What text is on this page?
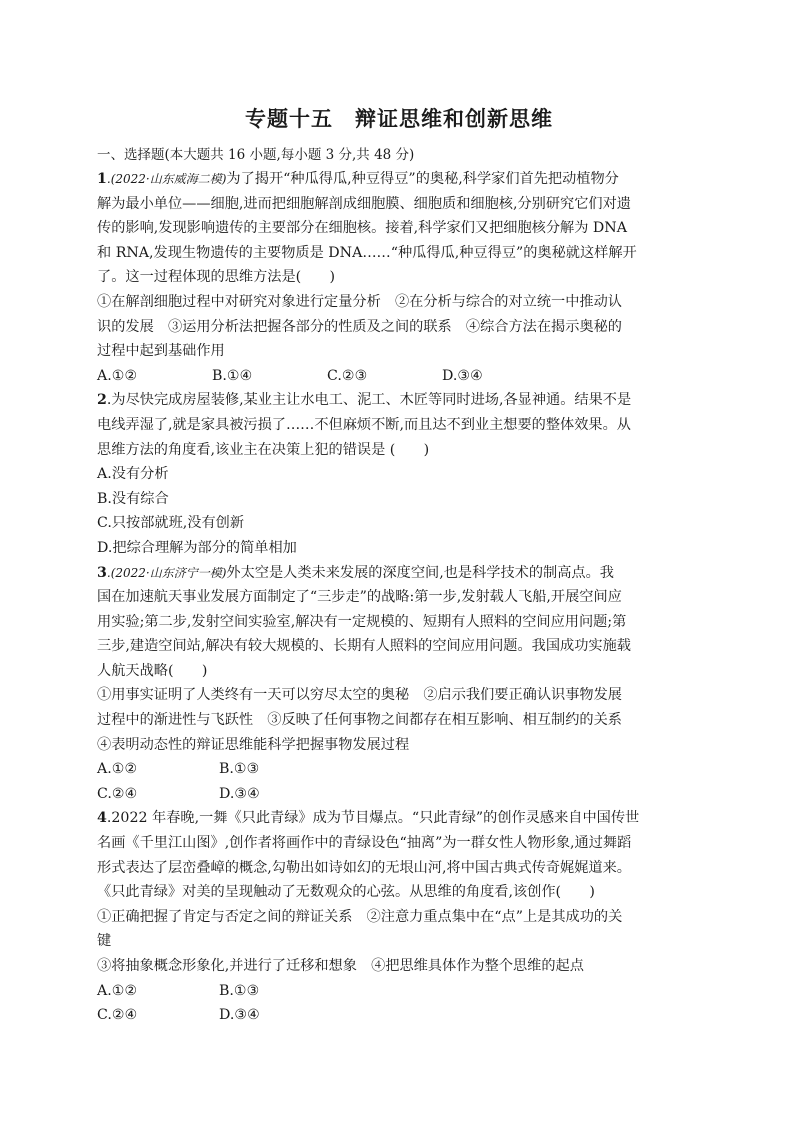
专题十五　辩证思维和创新思维
一、选择题(本大题共 16 小题,每小题 3 分,共 48 分)
1.(2022·山东威海二模)为了揭开“种瓜得瓜,种豆得豆”的奥秘,科学家们首先把动植物分
解为最小单位——细胞,进而把细胞解剖成细胞膜、细胞质和细胞核,分别研究它们对遗
传的影响,发现影响遗传的主要部分在细胞核。接着,科学家们又把细胞核分解为 DNA
和 RNA,发现生物遗传的主要物质是 DNA……“种瓜得瓜,种豆得豆”的奥秘就这样解开
了。这一过程体现的思维方法是(　　)
①在解剖细胞过程中对研究对象进行定量分析　②在分析与综合的对立统一中推动认
识的发展　③运用分析法把握各部分的性质及之间的联系　④综合方法在揭示奥秘的
过程中起到基础作用
A.①②	B.①④	C.②③	D.③④
2.为尽快完成房屋装修,某业主让水电工、泥工、木匠等同时进场,各显神通。结果不是
电线弄湿了,就是家具被污损了……不但麻烦不断,而且达不到业主想要的整体效果。从
思维方法的角度看,该业主在决策上犯的错误是 (　　)
A.没有分析
B.没有综合
C.只按部就班,没有创新
D.把综合理解为部分的简单相加
3.(2022·山东济宁一模)外太空是人类未来发展的深度空间,也是科学技术的制高点。我
国在加速航天事业发展方面制定了“三步走”的战略:第一步,发射载人飞船,开展空间应
用实验;第二步,发射空间实验室,解决有一定规模的、短期有人照料的空间应用问题;第
三步,建造空间站,解决有较大规模的、长期有人照料的空间应用问题。我国成功实施载
人航天战略(　　)
①用事实证明了人类终有一天可以穷尽太空的奥秘　②启示我们要正确认识事物发展
过程中的渐进性与飞跃性　③反映了任何事物之间都存在相互影响、相互制约的关系
④表明动态性的辩证思维能科学把握事物发展过程
A.①②	B.①③
C.②④	D.③④
4.2022 年春晚,一舞《只此青绿》成为节目爆点。“只此青绿”的创作灵感来自中国传世
名画《千里江山图》,创作者将画作中的青绿设色“抽离”为一群女性人物形象,通过舞蹈
形式表达了层峦叠嶂的概念,勾勒出如诗如幻的无垠山河,将中国古典式传奇娓娓道来。
《只此青绿》对美的呈现触动了无数观众的心弦。从思维的角度看,该创作(　　)
①正确把握了肯定与否定之间的辩证关系　②注意力重点集中在“点”上是其成功的关
键
③将抽象概念形象化,并进行了迁移和想象　④把思维具体作为整个思维的起点
A.①②	B.①③
C.②④	D.③④
